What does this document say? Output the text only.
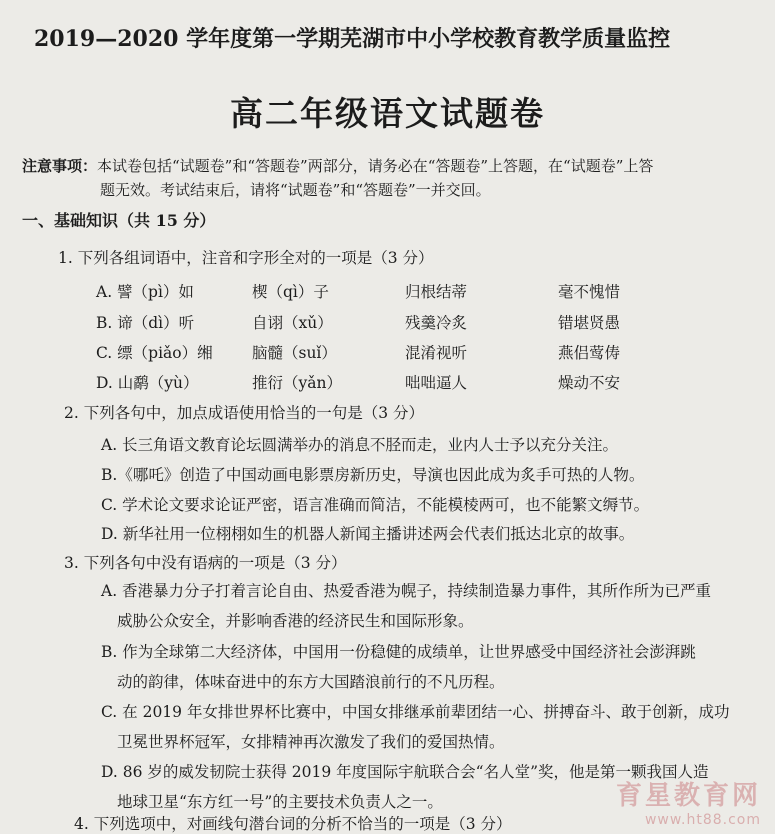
2019—2020 学年度第一学期芜湖市中小学校教育教学质量监控
高二年级语文试题卷
注意事项：本试卷包括“试题卷”和“答题卷”两部分，请务必在“答题卷”上答题，在“试题卷”上答
题无效。考试结束后，请将“试题卷”和“答题卷”一并交回。
一、基础知识（共 15 分）
1. 下列各组词语中，注音和字形全对的一项是（3 分）
A. 譬（pì）如	楔（qì）子	归根结蒂	毫不愧惜
B. 谛（dì）听	自诩（xǔ）	残羹冷炙	错堪贤愚
C. 缥（piǎo）缃	脑髓（suǐ）	混淆视听	燕侣莺俦
D. 山鹬（yù）	推衍（yǎn）	咄咄逼人	燥动不安
2. 下列各句中，加点成语使用恰当的一句是（3 分）
A. 长三角语文教育论坛圆满举办的消息不胫而走，业内人士予以充分关注。
B.《哪吒》创造了中国动画电影票房新历史，导演也因此成为炙手可热的人物。
C. 学术论文要求论证严密，语言准确而简洁，不能模棱两可，也不能繁文缛节。
D. 新华社用一位栩栩如生的机器人新闻主播讲述两会代表们抵达北京的故事。
3. 下列各句中没有语病的一项是（3 分）
A. 香港暴力分子打着言论自由、热爱香港为幌子，持续制造暴力事件，其所作所为已严重
威胁公众安全，并影响香港的经济民生和国际形象。
B. 作为全球第二大经济体，中国用一份稳健的成绩单，让世界感受中国经济社会澎湃跳
动的韵律，体味奋进中的东方大国踏浪前行的不凡历程。
C. 在 2019 年女排世界杯比赛中，中国女排继承前辈团结一心、拼搏奋斗、敢于创新，成功
卫冕世界杯冠军，女排精神再次激发了我们的爱国热情。
D. 86 岁的威发韧院士获得 2019 年度国际宇航联合会“名人堂”奖，他是第一颗我国人造
地球卫星“东方红一号”的主要技术负责人之一。
4. 下列选项中，对画线句潜台词的分析不恰当的一项是（3 分）
育星教育网
www.ht88.com
